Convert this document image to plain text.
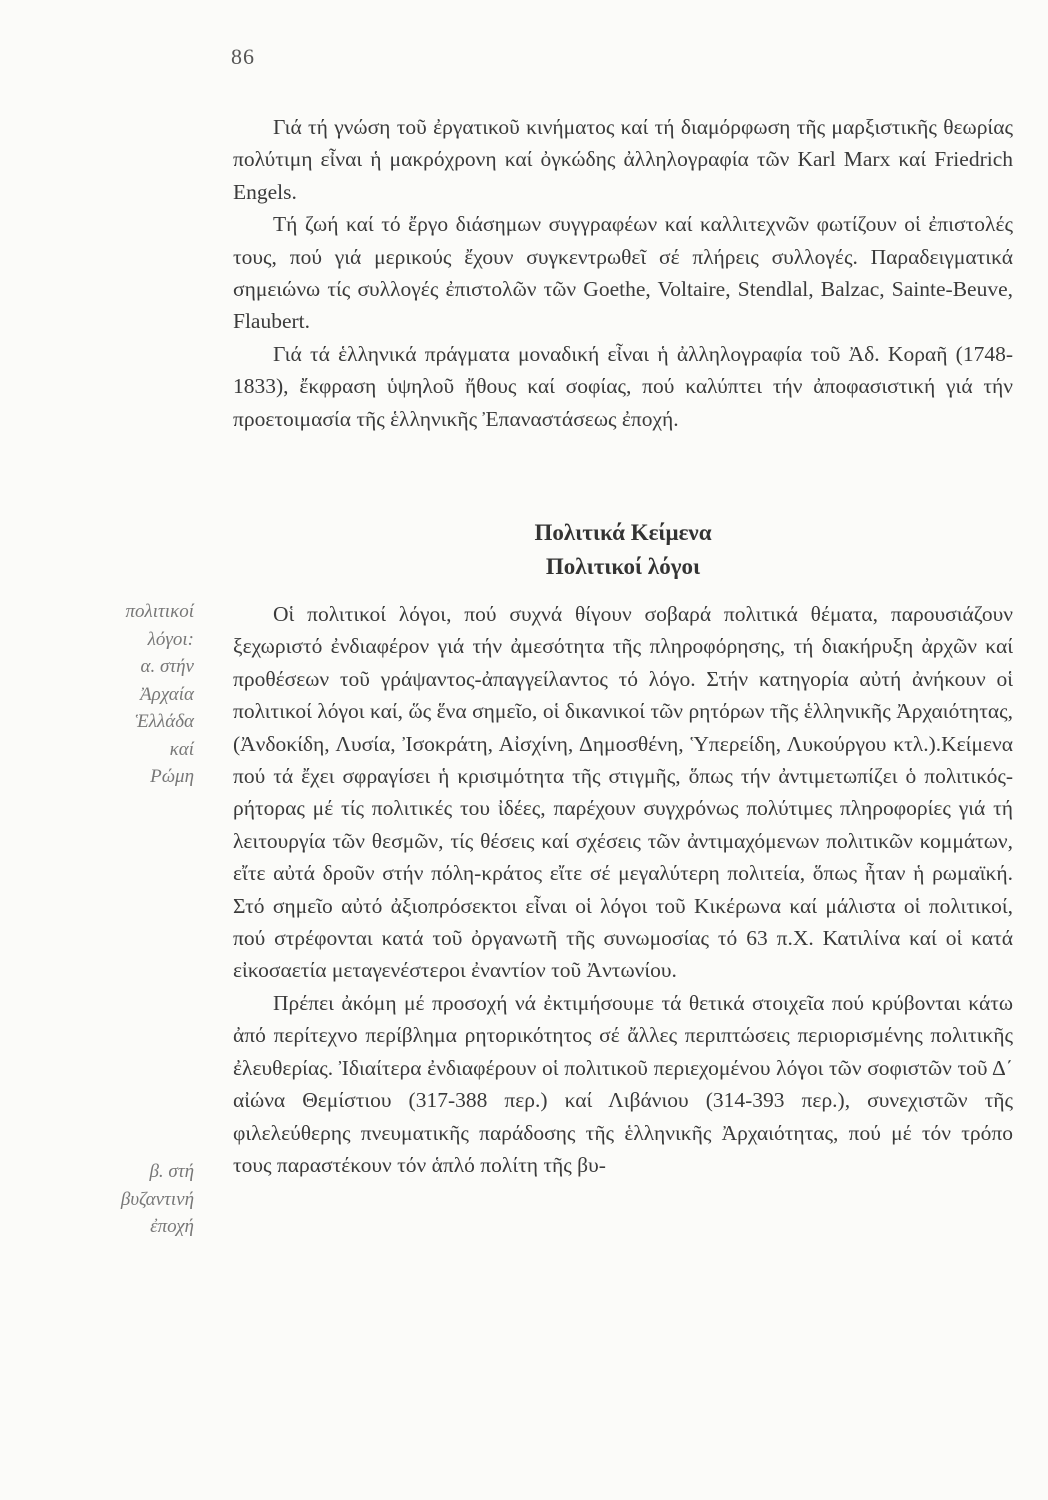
86

Γιά τή γνώση τοῦ ἐργατικοῦ κινήματος καί τή διαμόρφωση τῆς μαρξιστικῆς θεωρίας πολύτιμη εἶναι ἡ μακρόχρονη καί ὀγκώδης ἀλληλογραφία τῶν Karl Marx καί Friedrich Engels.

Τή ζωή καί τό ἔργο διάσημων συγγραφέων καί καλλιτεχνῶν φωτίζουν οἱ ἐπιστολές τους, πού γιά μερικούς ἔχουν συγκεντρωθεῖ σέ πλήρεις συλλογές. Παραδειγματικά σημειώνω τίς συλλογές ἐπιστολῶν τῶν Goethe, Voltaire, Stendlal, Balzac, Sainte-Beuve, Flaubert.

Γιά τά ἑλληνικά πράγματα μοναδική εἶναι ἡ ἀλληλογραφία τοῦ Ἀδ. Κοραῆ (1748-1833), ἔκφραση ὑψηλοῦ ἤθους καί σοφίας, πού καλύπτει τήν ἀποφασιστική γιά τήν προετοιμασία τῆς ἑλληνικῆς Ἐπαναστάσεως ἐποχή.

Πολιτικά Κείμενα
Πολιτικοί λόγοι
πολιτικοί
λόγοι:
α. στήν
Ἀρχαία
Ἑλλάδα
καί
Ρώμη
β. στή
βυζαντινή
ἐποχή

Οἱ πολιτικοί λόγοι, πού συχνά θίγουν σοβαρά πολιτικά θέματα, παρουσιάζουν ξεχωριστό ἐνδιαφέρον γιά τήν ἀμεσότητα τῆς πληροφόρησης, τή διακήρυξη ἀρχῶν καί προθέσεων τοῦ γράψαντος-ἀπαγγείλαντος τό λόγο. Στήν κατηγορία αὐτή ἀνήκουν οἱ πολιτικοί λόγοι καί, ὥς ἕνα σημεῖο, οἱ δικανικοί τῶν ρητόρων τῆς ἑλληνικῆς Ἀρχαιότητας, (Ἀνδοκίδη, Λυσία, Ἰσοκράτη, Αἰσχίνη, Δημοσθένη, Ὑπερείδη, Λυκούργου κτλ.).Κείμενα πού τά ἔχει σφραγίσει ἡ κρισιμότητα τῆς στιγμῆς, ὅπως τήν ἀντιμετωπίζει ὁ πολιτικός-ρήτορας μέ τίς πολιτικές του ἰδέες, παρέχουν συγχρόνως πολύτιμες πληροφορίες γιά τή λειτουργία τῶν θεσμῶν, τίς θέσεις καί σχέσεις τῶν ἀντιμαχόμενων πολιτικῶν κομμάτων, εἴτε αὐτά δροῦν στήν πόλη-κράτος εἴτε σέ μεγαλύτερη πολιτεία, ὅπως ἦταν ἡ ρωμαϊκή. Στό σημεῖο αὐτό ἀξιοπρόσεκτοι εἶναι οἱ λόγοι τοῦ Κικέρωνα καί μάλιστα οἱ πολιτικοί, πού στρέφονται κατά τοῦ ὀργανωτῆ τῆς συνωμοσίας τό 63 π.Χ. Κατιλίνα καί οἱ κατά εἰκοσαετία μεταγενέστεροι ἐναντίον τοῦ Ἀντωνίου.

Πρέπει ἀκόμη μέ προσοχή νά ἐκτιμήσουμε τά θετικά στοιχεῖα πού κρύβονται κάτω ἀπό περίτεχνο περίβλημα ρητορικότητος σέ ἄλλες περιπτώσεις περιορισμένης πολιτικῆς ἐλευθερίας. Ἰδιαίτερα ἐνδιαφέρουν οἱ πολιτικοῦ περιεχομένου λόγοι τῶν σοφιστῶν τοῦ Δ΄ αἰώνα Θεμίστιου (317-388 περ.) καί Λιβάνιου (314-393 περ.), συνεχιστῶν τῆς φιλελεύθερης πνευματικῆς παράδοσης τῆς ἑλληνικῆς Ἀρχαιότητας, πού μέ τόν τρόπο τους παραστέκουν τόν ἁπλό πολίτη τῆς βυ-
